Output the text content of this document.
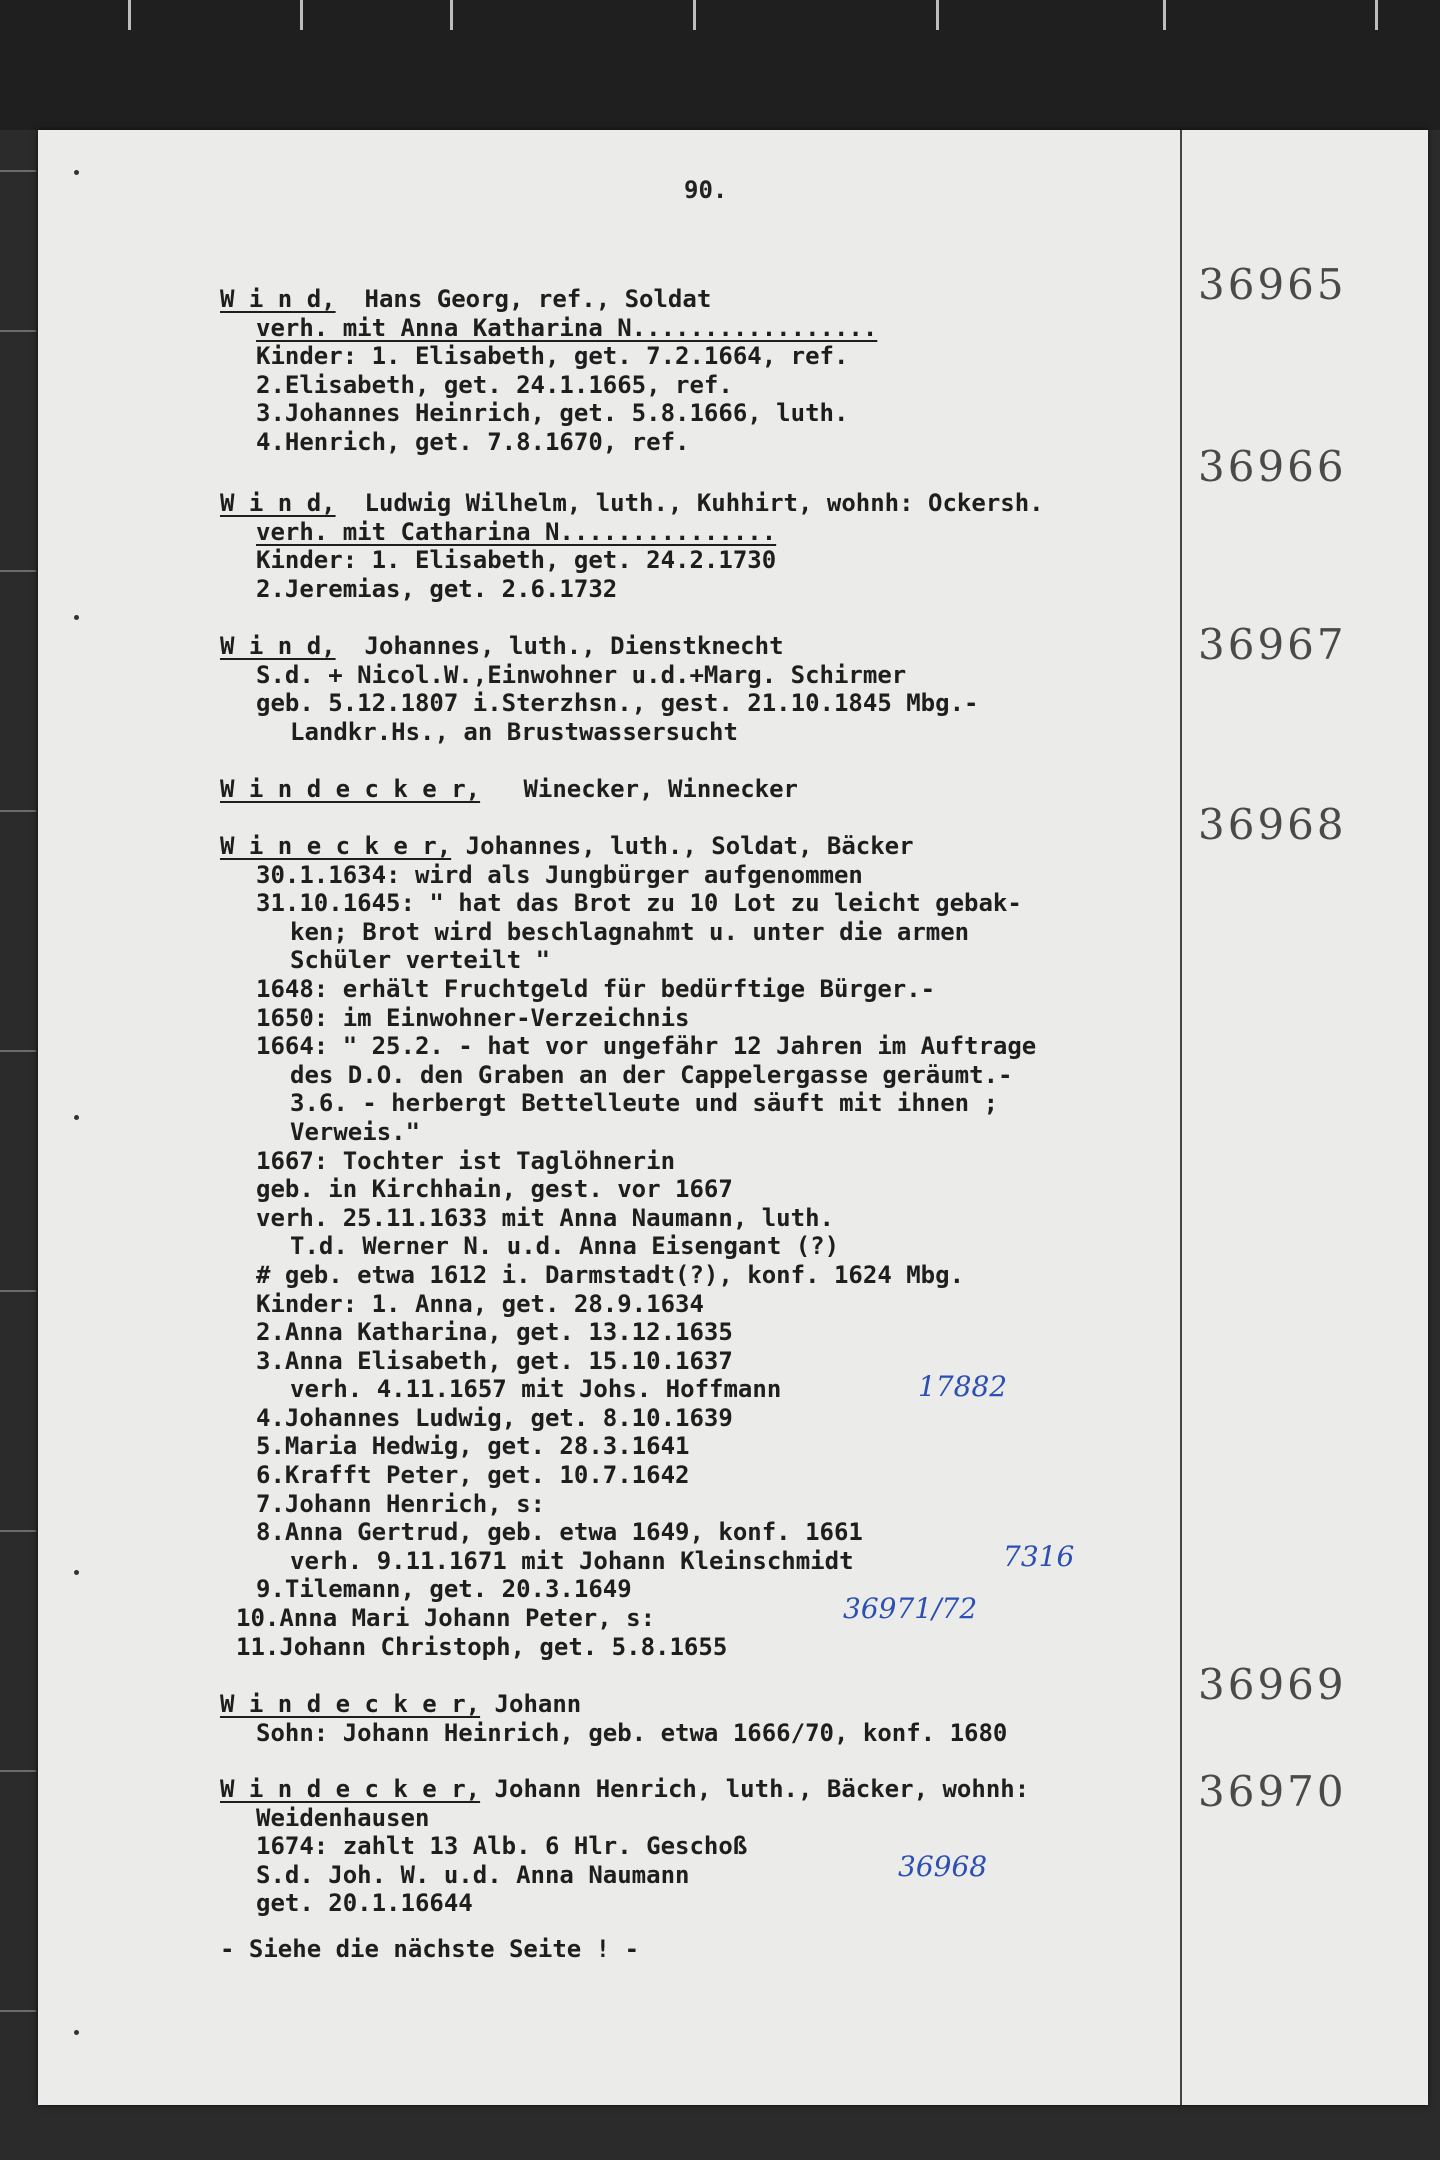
90.
36965
W i n d, Hans Georg, ref., Soldat
verh. mit Anna Katharina N.................
Kinder: 1. Elisabeth, get. 7.2.1664, ref.
2.Elisabeth, get. 24.1.1665, ref.
3.Johannes Heinrich, get. 5.8.1666, luth.
4.Henrich, get. 7.8.1670, ref.
36966
W i n d, Ludwig Wilhelm, luth., Kuhhirt, wohnh: Ockersh.
verh. mit Catharina N...............
Kinder: 1. Elisabeth, get. 24.2.1730
2.Jeremias, get. 2.6.1732
36967
W i n d, Johannes, luth., Dienstknecht
S.d. + Nicol.W.,Einwohner u.d.+Marg. Schirmer
geb. 5.12.1807 i.Sterzhsn., gest. 21.10.1845 Mbg.-
Landkr.Hs., an Brustwassersucht
W i n d e c k e r, Winecker, Winnecker
36968
W i n e c k e r, Johannes, luth., Soldat, Bäcker
30.1.1634: wird als Jungbürger aufgenommen
31.10.1645: " hat das Brot zu 10 Lot zu leicht gebak-
ken; Brot wird beschlagnahmt u. unter die armen
Schüler verteilt "
1648: erhält Fruchtgeld für bedürftige Bürger.-
1650: im Einwohner-Verzeichnis
1664: " 25.2. - hat vor ungefähr 12 Jahren im Auftrage
des D.O. den Graben an der Cappelergasse geräumt.-
3.6. - herbergt Bettelleute und säuft mit ihnen ;
Verweis."
1667: Tochter ist Taglöhnerin
geb. in Kirchhain, gest. vor 1667
verh. 25.11.1633 mit Anna Naumann, luth.
T.d. Werner N. u.d. Anna Eisengant (?)
# geb. etwa 1612 i. Darmstadt(?), konf. 1624 Mbg.
Kinder: 1. Anna, get. 28.9.1634
2.Anna Katharina, get. 13.12.1635
3.Anna Elisabeth, get. 15.10.1637
verh. 4.11.1657 mit Johs. Hoffmann
4.Johannes Ludwig, get. 8.10.1639
5.Maria Hedwig, get. 28.3.1641
6.Krafft Peter, get. 10.7.1642
7.Johann Henrich, s:
8.Anna Gertrud, geb. etwa 1649, konf. 1661
verh. 9.11.1671 mit Johann Kleinschmidt
9.Tilemann, get. 20.3.1649
10.Anna Mari Johann Peter, s:
11.Johann Christoph, get. 5.8.1655
17882
7316
36971/72
36969
W i n d e c k e r, Johann
Sohn: Johann Heinrich, geb. etwa 1666/70, konf. 1680
36970
W i n d e c k e r, Johann Henrich, luth., Bäcker, wohnh:
Weidenhausen
1674: zahlt 13 Alb. 6 Hlr. Geschoß
S.d. Joh. W. u.d. Anna Naumann
get. 20.1.16644
36968
- Siehe die nächste Seite ! -
